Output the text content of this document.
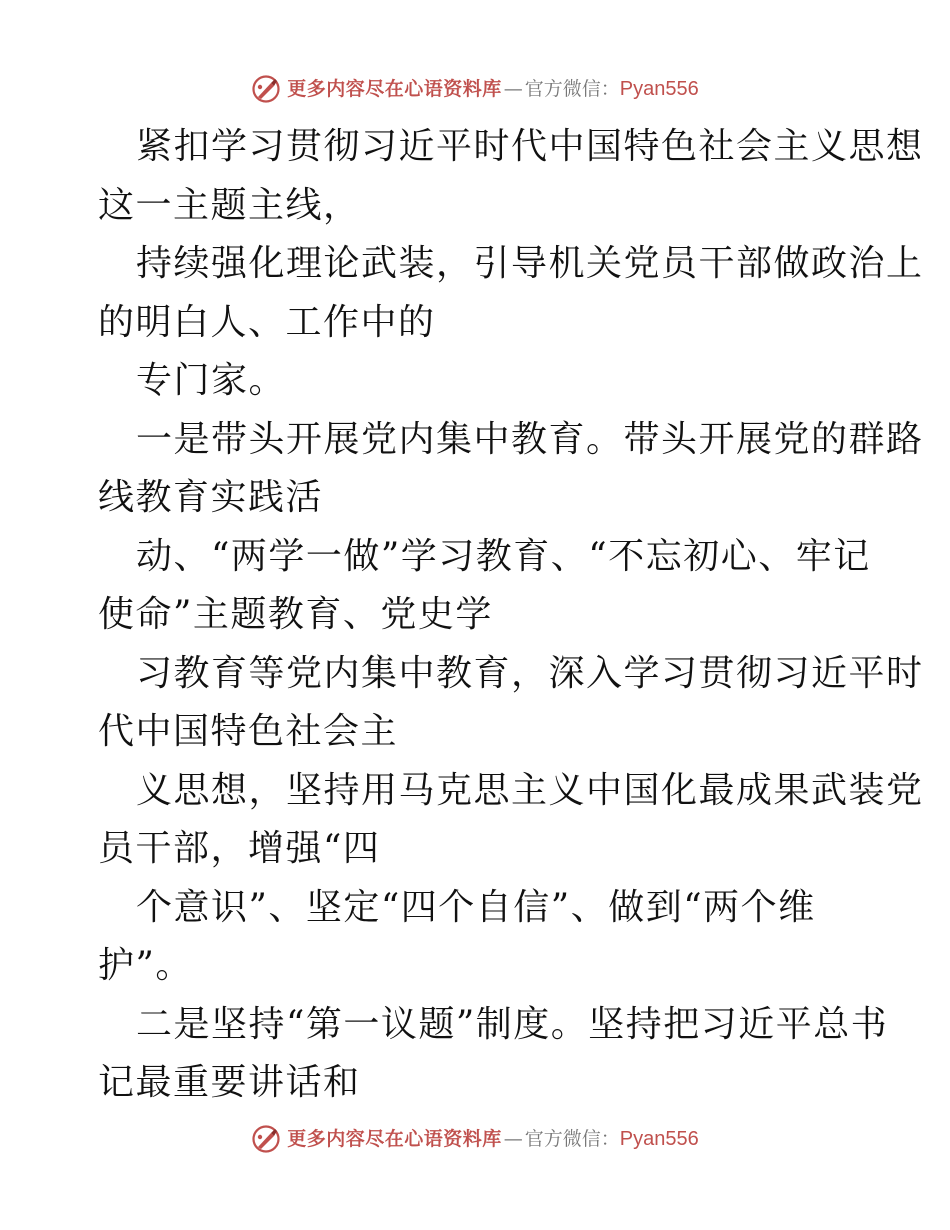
更多内容尽在心语资料库 — 官方微信： Pyan556

紧扣学习贯彻习近平时代中国特色社会主义思想
这一主题主线，

持续强化理论武装，引导机关党员干部做政治上
的明白人、工作中的

专门家。

一是带头开展党内集中教育。带头开展党的群路
线教育实践活

动、“两学一做”学习教育、“不忘初心、牢记
使命”主题教育、党史学

习教育等党内集中教育，深入学习贯彻习近平时
代中国特色社会主

义思想，坚持用马克思主义中国化最成果武装党
员干部，增强“四

个意识”、坚定“四个自信”、做到“两个维
护”。

二是坚持“第一议题”制度。坚持把习近平总书
记最重要讲话和

更多内容尽在心语资料库 — 官方微信： Pyan556
